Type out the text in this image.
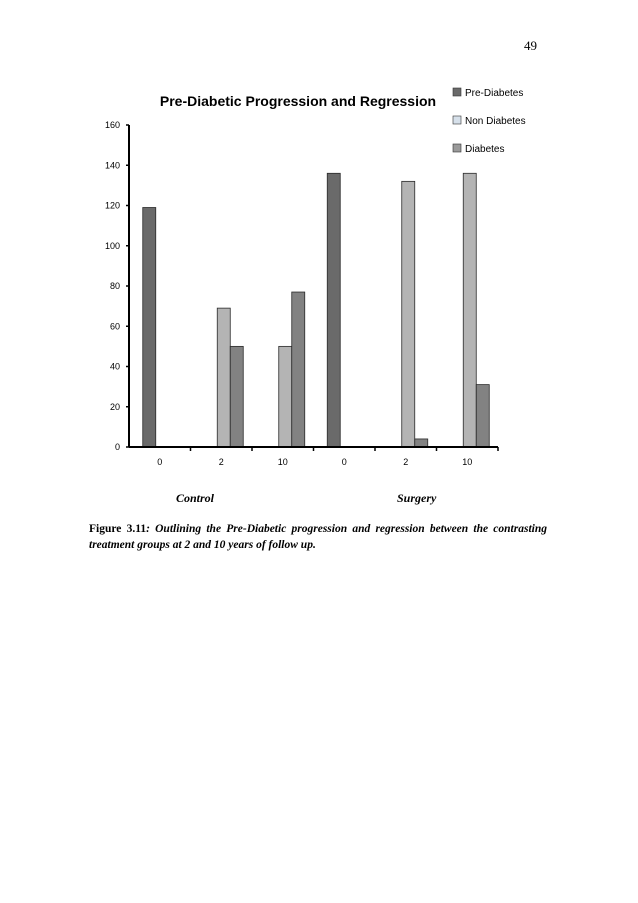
49
Pre-Diabetic Progression and Regression
0
20
40
60
80
100
120
140
160
0	2	10	0	2	10
Pre-Diabetes
Non Diabetes
Diabetes
Control	Surgery
Figure 3.11: Outlining the Pre-Diabetic progression and regression between the contrasting treatment groups at 2 and 10 years of follow up.
